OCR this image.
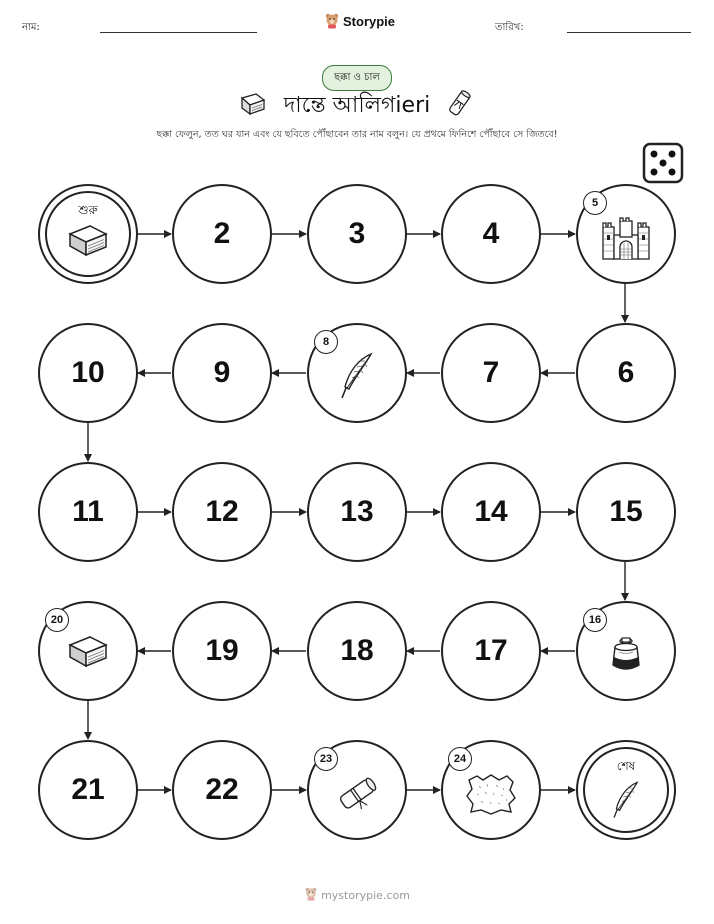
নাম:	Storypie	তারিখ:
ছক্কা ও চাল
দান্তে আলিগieri
ছক্কা ফেলুন, তত ঘর যান এবং যে ছবিতে পৌঁছাবেন তার নাম বলুন। যে প্রথমে ফিনিশে পৌঁছাবে সে জিতবে!
শুরু
2	3	4
5
10	9
8
7	6
11	12	13	14	15
20
19	18	17
16
21	22
23	24	শেষ
mystorypie.com
